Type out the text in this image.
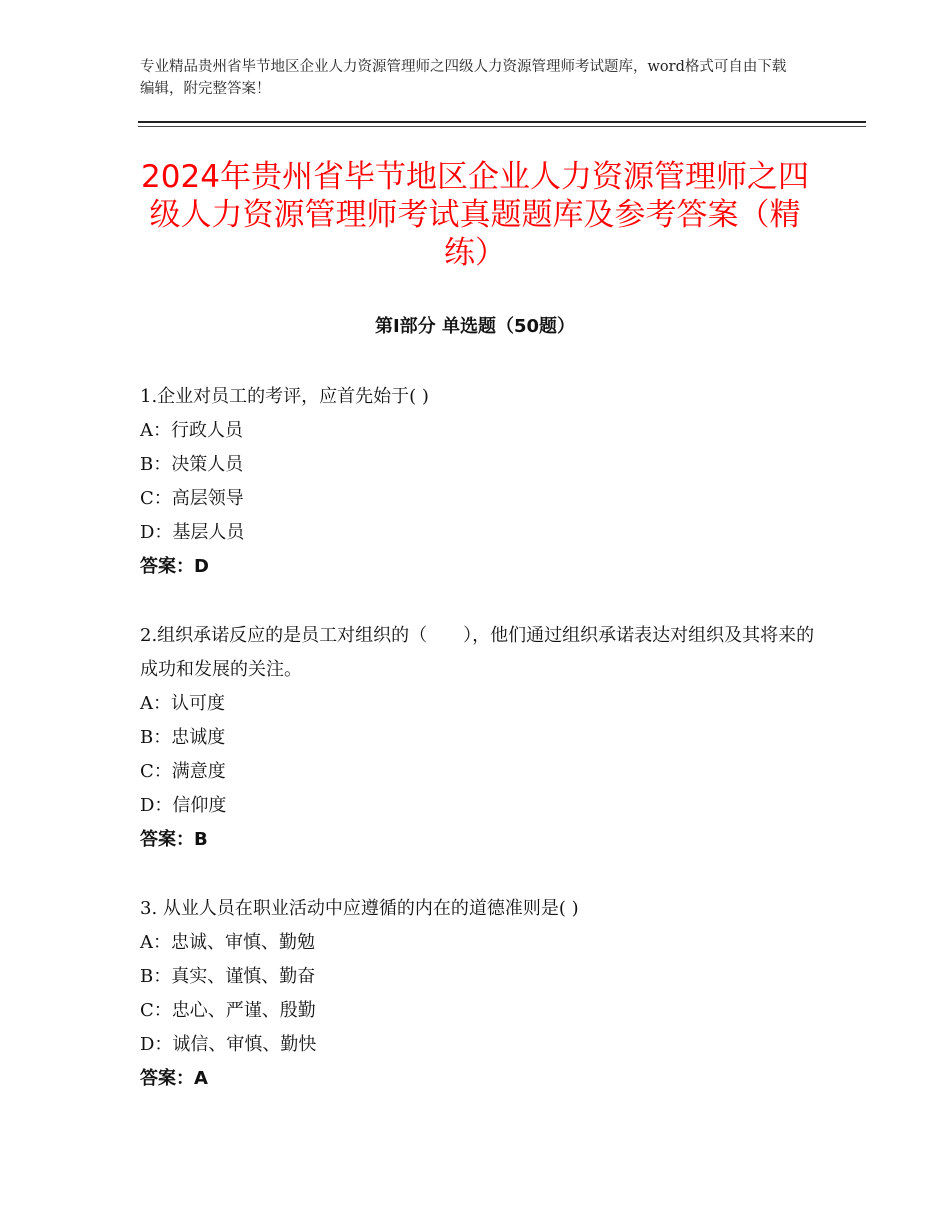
专业精品贵州省毕节地区企业人力资源管理师之四级人力资源管理师考试题库，word格式可自由下载编辑，附完整答案！
2024年贵州省毕节地区企业人力资源管理师之四级人力资源管理师考试真题题库及参考答案（精练）
第Ⅰ部分 单选题（50题）

1.企业对员工的考评，应首先始于( )

A：行政人员

B：决策人员

C：高层领导

D：基层人员

答案：D

2.组织承诺反应的是员工对组织的（　　），他们通过组织承诺表达对组织及其将来的成功和发展的关注。

A：认可度

B：忠诚度

C：满意度

D：信仰度

答案：B

3. 从业人员在职业活动中应遵循的内在的道德准则是( )

A：忠诚、审慎、勤勉

B：真实、谨慎、勤奋

C：忠心、严谨、殷勤

D：诚信、审慎、勤快

答案：A
